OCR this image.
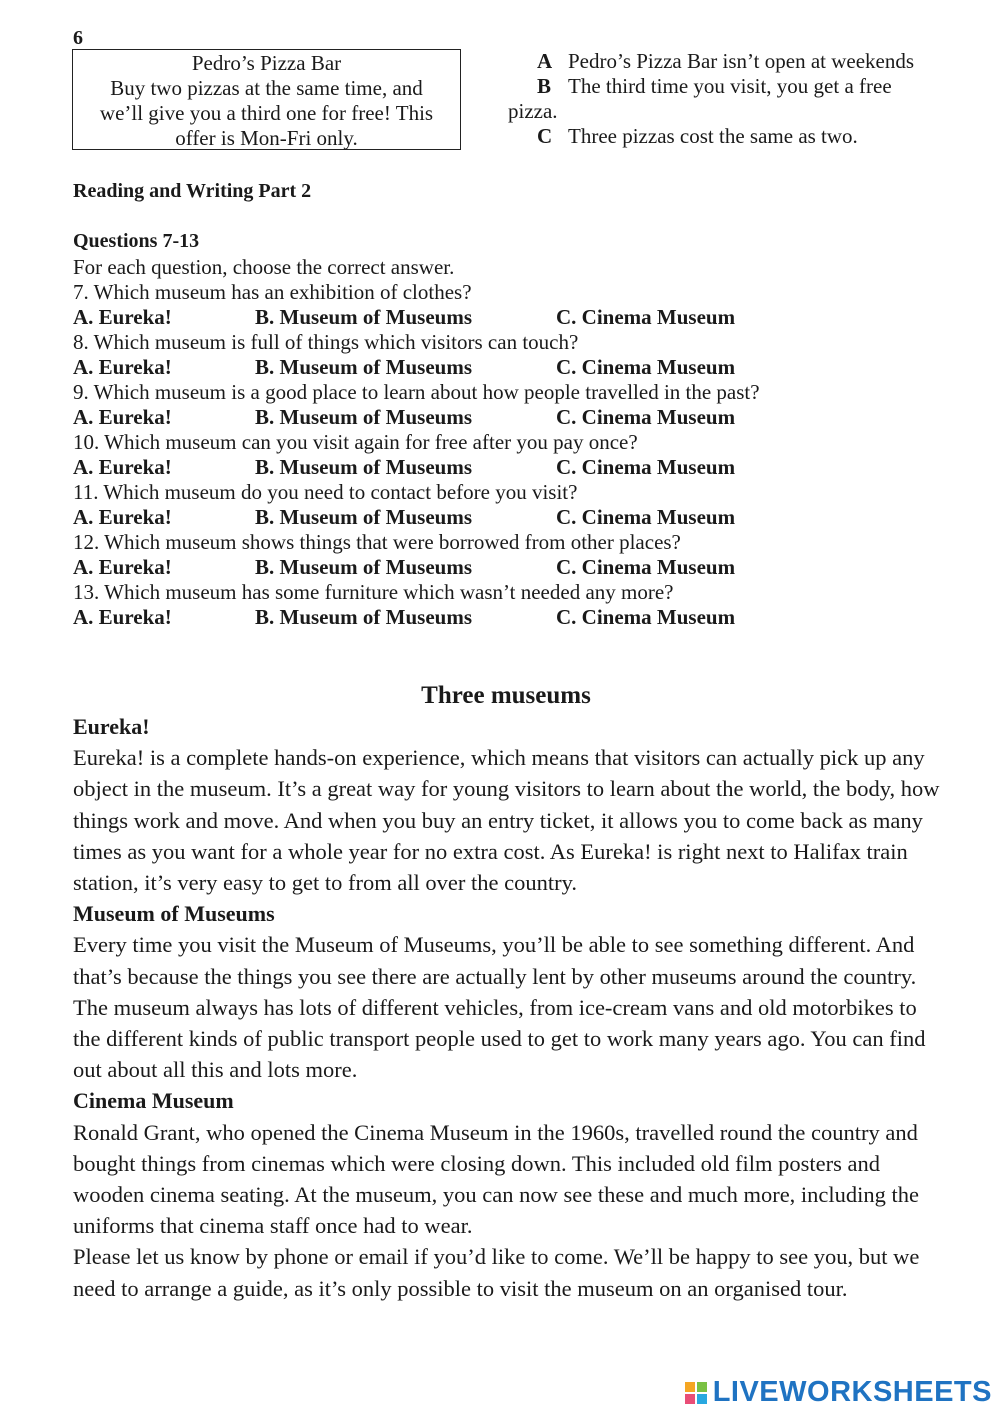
6
Pedro’s Pizza Bar
Buy two pizzas at the same time, and
we’ll give you a third one for free! This
offer is Mon-Fri only.
A Pedro’s Pizza Bar isn’t open at weekends
B The third time you visit, you get a free
pizza.
C Three pizzas cost the same as two.
Reading and Writing Part 2
Questions 7-13
For each question, choose the correct answer.
7. Which museum has an exhibition of clothes?
A. Eureka!	B. Museum of Museums	C. Cinema Museum
8. Which museum is full of things which visitors can touch?
A. Eureka!	B. Museum of Museums	C. Cinema Museum
9. Which museum is a good place to learn about how people travelled in the past?
A. Eureka!	B. Museum of Museums	C. Cinema Museum
10. Which museum can you visit again for free after you pay once?
A. Eureka!	B. Museum of Museums	C. Cinema Museum
11. Which museum do you need to contact before you visit?
A. Eureka!	B. Museum of Museums	C. Cinema Museum
12. Which museum shows things that were borrowed from other places?
A. Eureka!	B. Museum of Museums	C. Cinema Museum
13. Which museum has some furniture which wasn’t needed any more?
A. Eureka!	B. Museum of Museums	C. Cinema Museum
Three museums
Eureka!

Eureka! is a complete hands-on experience, which means that visitors can actually pick up any object in the museum. It’s a great way for young visitors to learn about the world, the body, how things work and move. And when you buy an entry ticket, it allows you to come back as many times as you want for a whole year for no extra cost. As Eureka! is right next to Halifax train station, it’s very easy to get to from all over the country.

Museum of Museums

Every time you visit the Museum of Museums, you’ll be able to see something different. And that’s because the things you see there are actually lent by other museums around the country. The museum always has lots of different vehicles, from ice-cream vans and old motorbikes to the different kinds of public transport people used to get to work many years ago. You can find out about all this and lots more.

Cinema Museum

Ronald Grant, who opened the Cinema Museum in the 1960s, travelled round the country and bought things from cinemas which were closing down. This included old film posters and wooden cinema seating. At the museum, you can now see these and much more, including the uniforms that cinema staff once had to wear.

Please let us know by phone or email if you’d like to come. We’ll be happy to see you, but we need to arrange a guide, as it’s only possible to visit the museum on an organised tour.

LIVEWORKSHEETS
